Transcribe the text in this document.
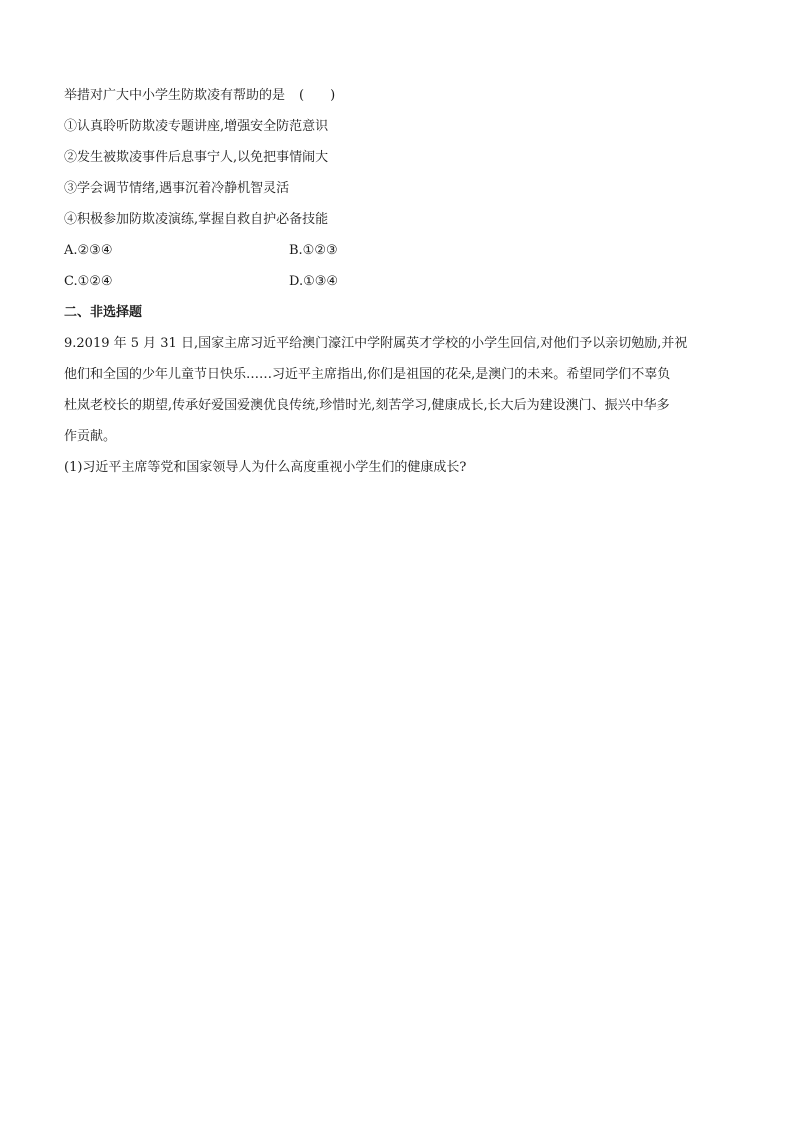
举措对广大中小学生防欺凌有帮助的是 (　　)
①认真聆听防欺凌专题讲座,增强安全防范意识
②发生被欺凌事件后息事宁人,以免把事情闹大
③学会调节情绪,遇事沉着冷静机智灵活
④积极参加防欺凌演练,掌握自救自护必备技能
A.②③④	B.①②③
C.①②④	D.①③④
二、非选择题
9.2019 年 5 月 31 日,国家主席习近平给澳门濠江中学附属英才学校的小学生回信,对他们予以亲切勉励,并祝
他们和全国的少年儿童节日快乐……习近平主席指出,你们是祖国的花朵,是澳门的未来。希望同学们不辜负
杜岚老校长的期望,传承好爱国爱澳优良传统,珍惜时光,刻苦学习,健康成长,长大后为建设澳门、振兴中华多
作贡献。
(1)习近平主席等党和国家领导人为什么高度重视小学生们的健康成长?
